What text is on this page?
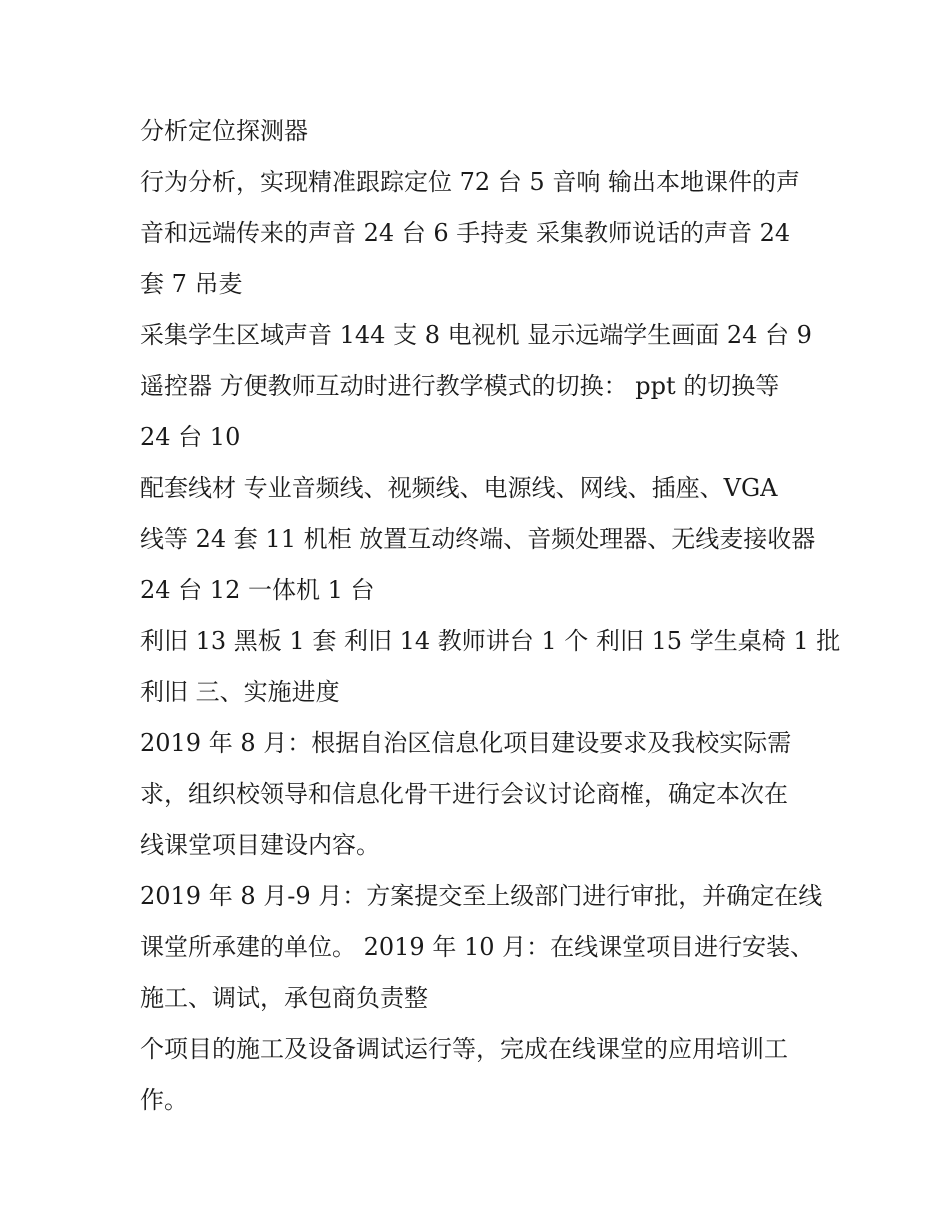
分析定位探测器
行为分析，实现精准跟踪定位 72 台 5 音响 输出本地课件的声
音和远端传来的声音 24 台 6 手持麦 采集教师说话的声音 24
套 7 吊麦
采集学生区域声音 144 支 8 电视机 显示远端学生画面 24 台 9
遥控器 方便教师互动时进行教学模式的切换： ppt 的切换等
24 台 10
配套线材 专业音频线、视频线、电源线、网线、插座、VGA
线等 24 套 11 机柜 放置互动终端、音频处理器、无线麦接收器
24 台 12 一体机 1 台
利旧 13 黑板 1 套 利旧 14 教师讲台 1 个 利旧 15 学生桌椅 1 批
利旧 三、实施进度
2019 年 8 月：根据自治区信息化项目建设要求及我校实际需
求，组织校领导和信息化骨干进行会议讨论商榷，确定本次在
线课堂项目建设内容。
2019 年 8 月-9 月：方案提交至上级部门进行审批，并确定在线
课堂所承建的单位。 2019 年 10 月：在线课堂项目进行安装、
施工、调试，承包商负责整
个项目的施工及设备调试运行等，完成在线课堂的应用培训工
作。
